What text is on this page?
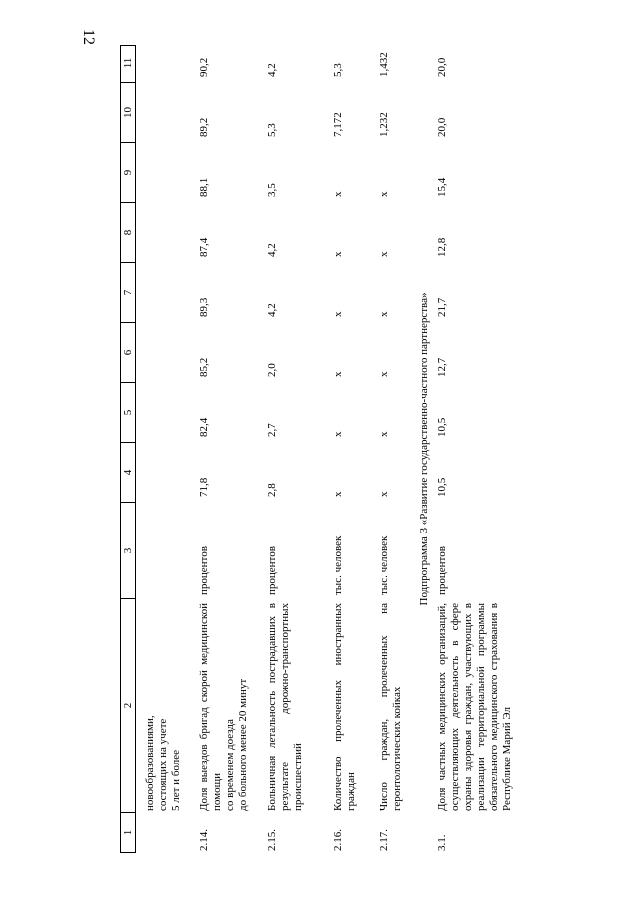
12
1
2
3
4
5
6
7
8
9
10
11
новообразованиями,
состоящих на учете
5 лет и более
2.14.
Доля выездов бригад скорой медицинской помощи
со временем доезда
до больного менее 20 минут
процентов
71,8
82,4
85,2
89,3
87,4
88,1
89,2
90,2
2.15.
Больничная летальность пострадавших в результате дорожно-транспортных происшествий
процентов
2,8
2,7
2,0
4,2
4,2
3,5
5,3
4,2
2.16.
Количество пролеченных иностранных граждан
тыс. человек
x
x
x
x
x
x
7,172
5,3
2.17.
Число граждан, пролеченных на геронтологических койках
тыс. человек
x
x
x
x
x
x
1,232
1,432
Подпрограмма 3 «Развитие государственно-частного партнерства»
3.1.
Доля частных медицинских организаций, осуществляющих деятельность в сфере охраны здоровья граждан, участвующих в реализации территориальной программы обязательного медицинского страхования в Республике Марий Эл
процентов
10,5
10,5
12,7
21,7
12,8
15,4
20,0
20,0
